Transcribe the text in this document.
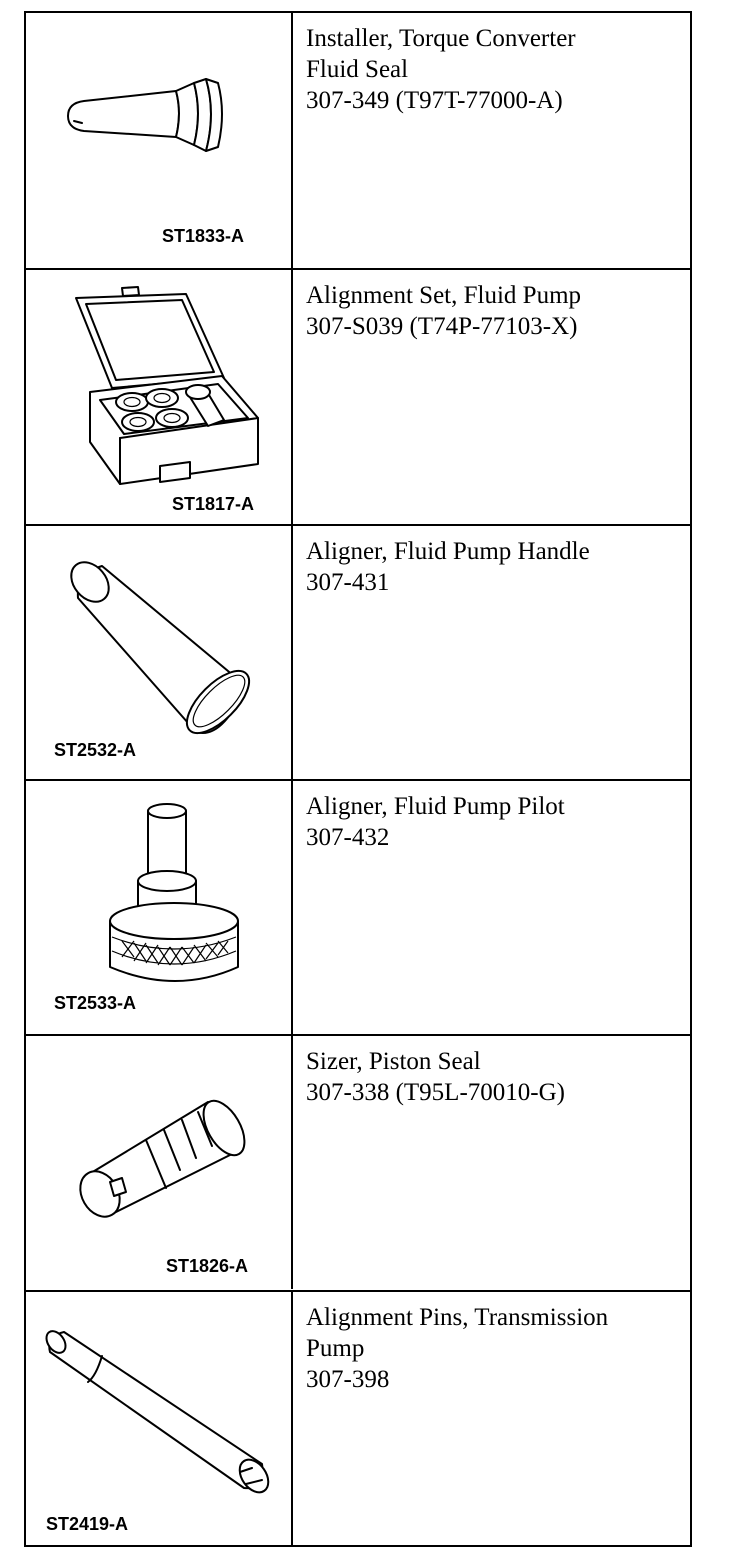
ST1833-A
Installer, Torque Converter
Fluid Seal
307-349 (T97T-77000-A)
ST1817-A
Alignment Set, Fluid Pump
307-S039 (T74P-77103-X)
ST2532-A
Aligner, Fluid Pump Handle
307-431
ST2533-A
Aligner, Fluid Pump Pilot
307-432
ST1826-A
Sizer, Piston Seal
307-338 (T95L-70010-G)
ST2419-A
Alignment Pins, Transmission
Pump
307-398
